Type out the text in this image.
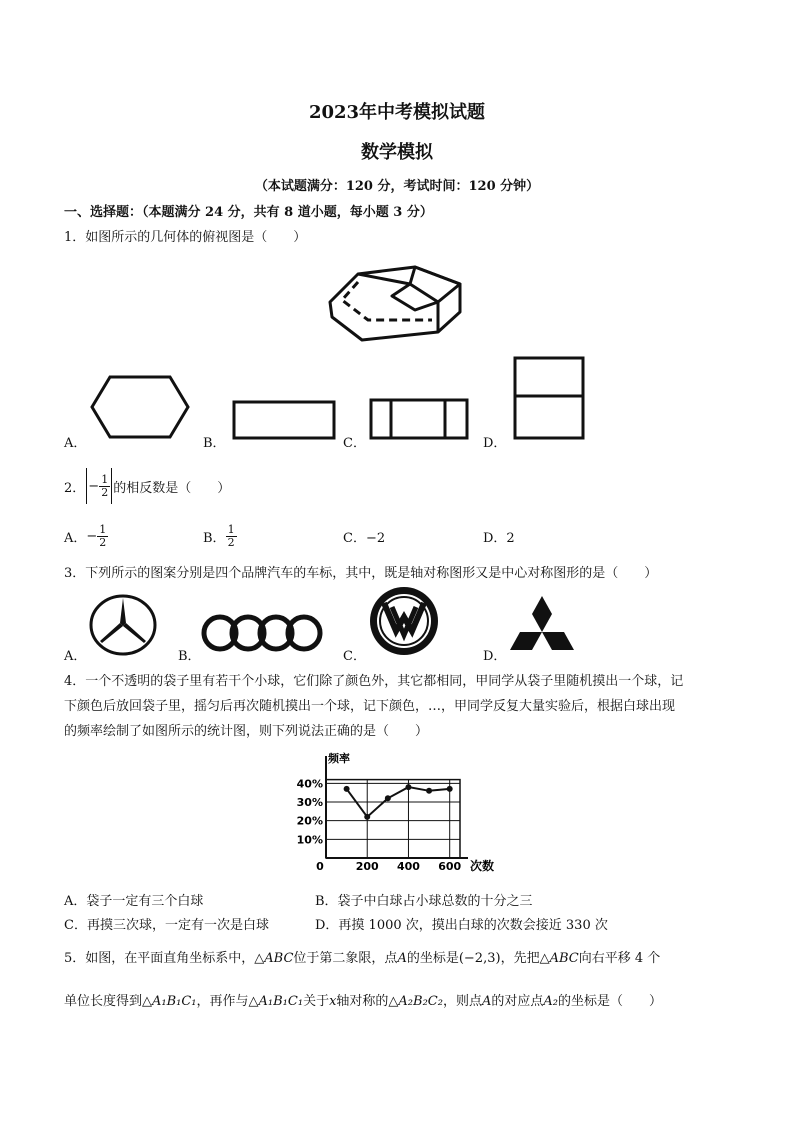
2023年中考模拟试题
数学模拟
（本试题满分：120 分，考试时间：120 分钟）
一、选择题：（本题满分 24 分，共有 8 道小题，每小题 3 分）
1．如图所示的几何体的俯视图是（　　）
A．	B．	C．	D．
2． − $\frac{1}{2}$ 的相反数是（　　）
A． − $\frac{1}{2}$	B． $\frac{1}{2}$	C．−2	D．2
3．下列所示的图案分别是四个品牌汽车的车标，其中，既是轴对称图形又是中心对称图形的是（　　）
A．	B．	C．	D．
4．一个不透明的袋子里有若干个小球，它们除了颜色外，其它都相同，甲同学从袋子里随机摸出一个球，记
下颜色后放回袋子里，摇匀后再次随机摸出一个球，记下颜色，…，甲同学反复大量实验后，根据白球出现
的频率绘制了如图所示的统计图，则下列说法正确的是（　　）
10%
20%
30%
40%
0	200 400 600
频率
次数
A．袋子一定有三个白球	B．袋子中白球占小球总数的十分之三
C．再摸三次球，一定有一次是白球	D．再摸 1000 次，摸出白球的次数会接近 330 次
5．如图，在平面直角坐标系中，△ABC位于第二象限，点A的坐标是(−2,3)，先把△ABC向右平移 4 个
单位长度得到△A₁B₁C₁，再作与△A₁B₁C₁关于x轴对称的△A₂B₂C₂，则点A的对应点A₂的坐标是（　　）
